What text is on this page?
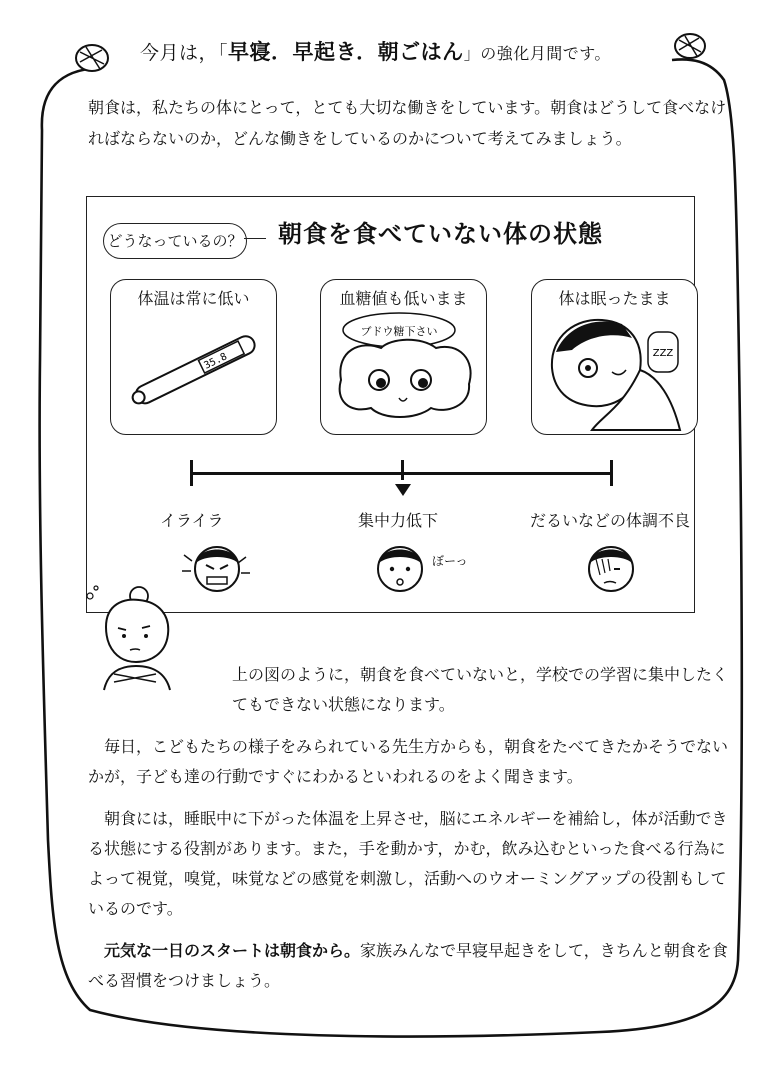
今月は，「早寝．早起き．朝ごはん」の強化月間です。
朝食は，私たちの体にとって，とても大切な働きをしています。朝食はどうして食べなければならないのか，どんな働きをしているのかについて考えてみましょう。
どうなっているの？ 朝食を食べていない体の状態
体温は常に低い
35.8
血糖値も低いまま
ブドウ糖下さい
体は眠ったまま
ZZZ
イライラ	集中力低下	だるいなどの体調不良
ぼーっ
上の図のように，朝食を食べていないと，学校での学習に集中したくてもできない状態になります。
毎日，こどもたちの様子をみられている先生方からも，朝食をたべてきたかそうでないかが，子ども達の行動ですぐにわかるといわれるのをよく聞きます。
朝食には，睡眠中に下がった体温を上昇させ，脳にエネルギーを補給し，体が活動できる状態にする役割があります。また，手を動かす，かむ，飲み込むといった食べる行為によって視覚，嗅覚，味覚などの感覚を刺激し，活動へのウオーミングアップの役割もしているのです。
元気な一日のスタートは朝食から。家族みんなで早寝早起きをして，きちんと朝食を食べる習慣をつけましょう。
